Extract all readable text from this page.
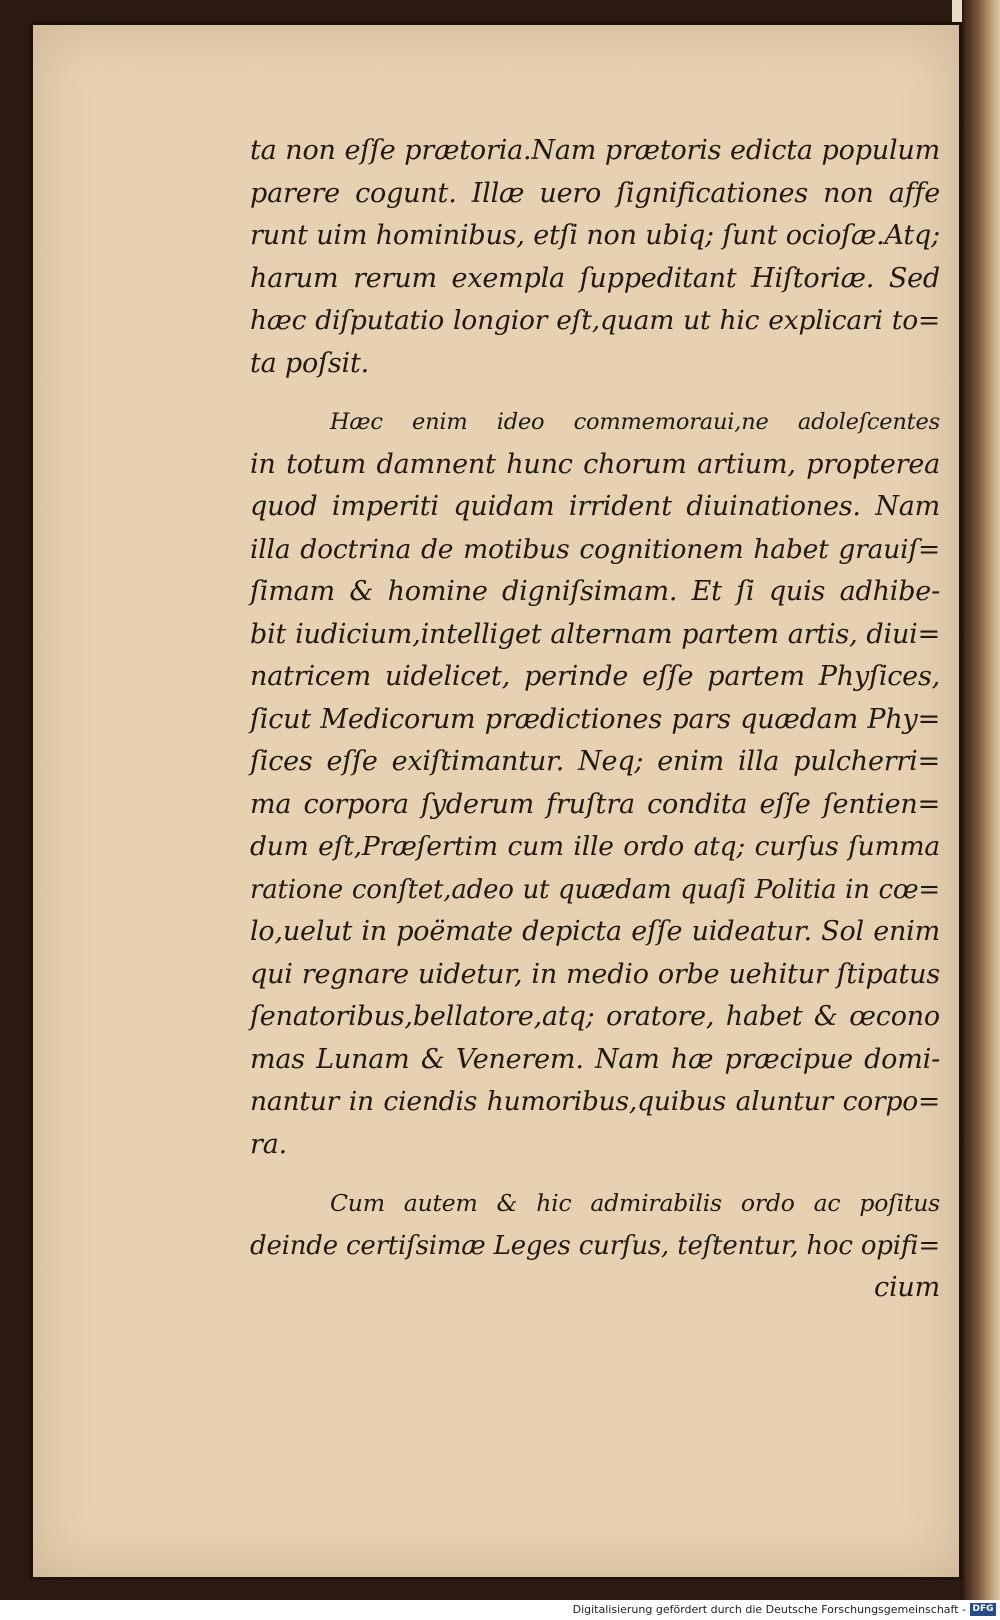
ta non eſſe prætoria.Nam prætoris edicta populum
parere cogunt. Illæ uero ſignificationes non affe
runt uim hominibus, etſi non ubiq; ſunt ocioſæ.Atq;
harum rerum exempla ſuppeditant Hiſtoriæ. Sed
hæc diſputatio longior eſt,quam ut hic explicari to=
ta poſsit.
Hæc enim ideo commemoraui,ne adoleſcentes
in totum damnent hunc chorum artium, propterea
quod imperiti quidam irrident diuinationes. Nam
illa doctrina de motibus cognitionem habet grauiſ=
ſimam & homine digniſsimam. Et ſi quis adhibe-
bit iudicium,intelliget alternam partem artis, diui=
natricem uidelicet, perinde eſſe partem Phyſices,
ſicut Medicorum prædictiones pars quædam Phy=
ſices eſſe exiſtimantur. Neq; enim illa pulcherri=
ma corpora ſyderum fruſtra condita eſſe ſentien=
dum eſt,Præſertim cum ille ordo atq; curſus ſumma
ratione conſtet,adeo ut quædam quaſi Politia in cœ=
lo,uelut in poëmate depicta eſſe uideatur. Sol enim
qui regnare uidetur, in medio orbe uehitur ſtipatus
ſenatoribus,bellatore,atq; oratore, habet & œcono
mas Lunam & Venerem. Nam hæ præcipue domi-
nantur in ciendis humoribus,quibus aluntur corpo=
ra.
Cum autem & hic admirabilis ordo ac poſitus
deinde certiſsimæ Leges curſus, teſtentur, hoc opifi=
cium
Digitalisierung gefördert durch die Deutsche Forschungsgemeinschaft - DFG
